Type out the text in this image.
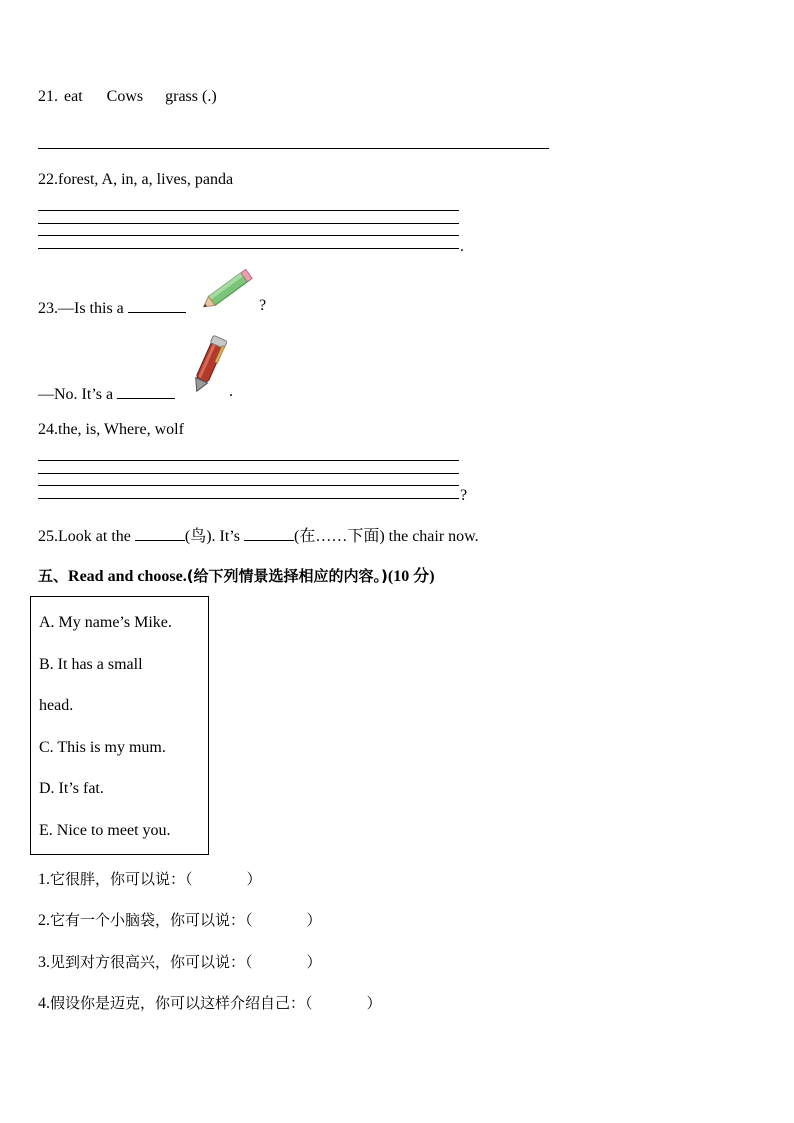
21. eat Cows grass (.)
22.forest, A, in, a, lives, panda
.
23.—Is this a	?
—No. It’s a	.
24.the, is, Where, wolf
?
25.Look at the	(鸟). It’s	(在……下面) the chair now.
五、Read and choose.(给下列情景选择相应的内容。)(10 分)
A. My name’s Mike.
B. It has a small
head.
C. This is my mum.
D. It’s fat.
E. Nice to meet you.
1.它很胖，你可以说：（	）
2.它有一个小脑袋，你可以说：（	）
3.见到对方很高兴，你可以说：（	）
4.假设你是迈克，你可以这样介绍自己：（	）
